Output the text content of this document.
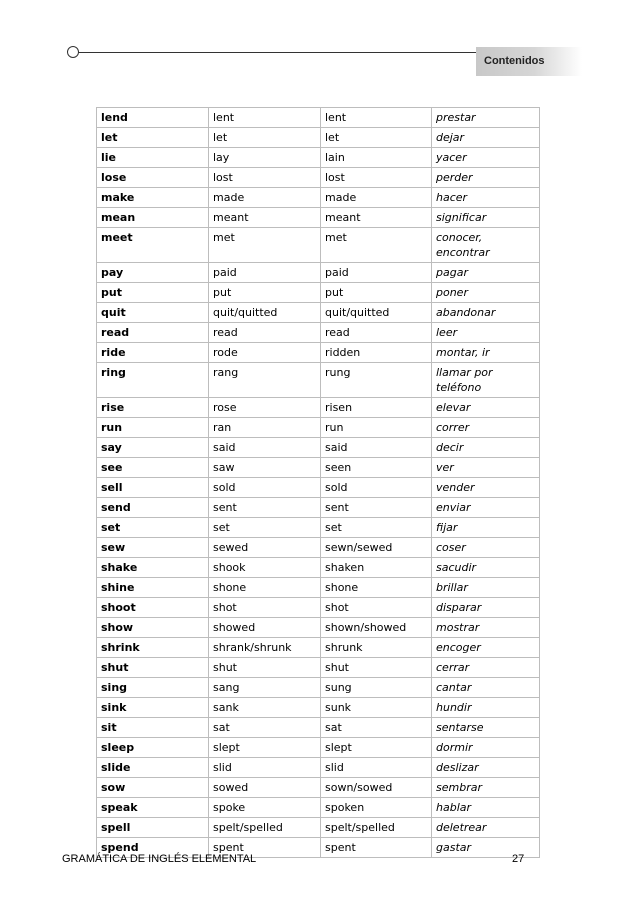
Contenidos
lend	lent	lent	prestar
let	let	let	dejar
lie	lay	lain	yacer
lose	lost	lost	perder
make	made	made	hacer
mean	meant	meant	significar
meet	met	met	conocer, encontrar
pay	paid	paid	pagar
put	put	put	poner
quit	quit/quitted	quit/quitted	abandonar
read	read	read	leer
ride	rode	ridden	montar, ir
ring	rang	rung	llamar por teléfono
rise	rose	risen	elevar
run	ran	run	correr
say	said	said	decir
see	saw	seen	ver
sell	sold	sold	vender
send	sent	sent	enviar
set	set	set	fijar
sew	sewed	sewn/sewed	coser
shake	shook	shaken	sacudir
shine	shone	shone	brillar
shoot	shot	shot	disparar
show	showed	shown/showed	mostrar
shrink	shrank/shrunk	shrunk	encoger
shut	shut	shut	cerrar
sing	sang	sung	cantar
sink	sank	sunk	hundir
sit	sat	sat	sentarse
sleep	slept	slept	dormir
slide	slid	slid	deslizar
sow	sowed	sown/sowed	sembrar
speak	spoke	spoken	hablar
spell	spelt/spelled	spelt/spelled	deletrear
spend	spent	spent	gastar
GRAMÁTICA DE INGLÉS ELEMENTAL	27
